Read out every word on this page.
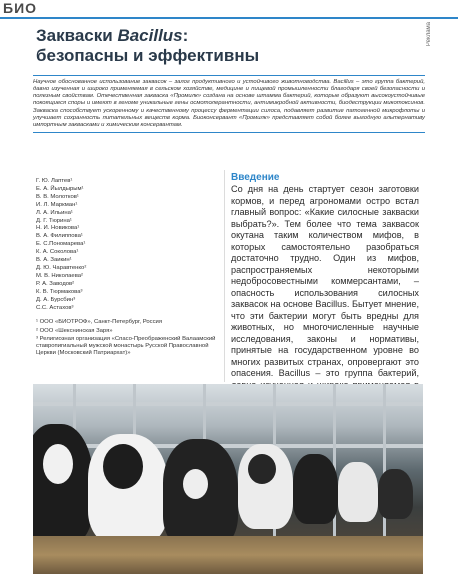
БИО
Реклама
Закваски Bacillus:
безопасны и эффективны
Научное обоснованное использование заквасок – залог продуктивного и устойчивого животноводства. Bacillus – это группа бактерий, давно изученная и широко применяемая в сельском хозяйстве, медицине и пищевой промышленности благодаря своей безопасности и полезным свойствам. Отечественная закваска «Промилк» создана на основе штамма бактерий, которые образуют высокоустойчивые покоящиеся споры и имеют в геноме уникальные гены осмотолерантности, антимикробной активности, биодеструкции микотоксинов. Закваска способствует ускоренному и качественному процессу ферментации силоса, подавляет развитие патогенной микрофлоты и улучшает сохранность питательных веществ корма. Биоконсервант «Промилк» представляет собой более выгодную альтернативу импортным заквасками и химическим консервантам.
Г. Ю. Лаптев¹
Е. А. Йылдырым¹
В. В. Молотков¹
И. Л. Маркман¹
Л. А. Ильина¹
Д. Г. Тюрина¹
Н. И. Новикова¹
В. А. Филиппова¹
Е. С.Пономарева¹
К. А. Соколова¹
В. А. Заикин¹
Д. Ю. Чаравтенко²
М. В. Николаева²
Р. А. Заводов²
К. В. Тюрмакова³
Д. А. Бурсбин³
С.С. Астахов³
¹ ООО «БИОТРОФ», Санкт-Петербург, Россия
² ООО «Шекснинская Заря»
³ Религиозная организация «Спасо-Преображенский Валаамский ставропигиальный мужской монастырь Русской Православной Церкви (Московский Патриархат)»
Введение
Со дня на день стартует сезон заготовки кормов, и перед агрономами остро встал главный вопрос: «Какие силосные закваски выбрать?». Тем более что тема заквасок окутана таким количеством мифов, в которых самостоятельно разобраться достаточно трудно. Один из мифов, распространяемых некоторыми недобросовестными коммерсантами, – опасность использования силосных заквасок на основе Bacillus. Бытует мнение, что эти бактерии могут быть вредны для животных, но многочисленные научные исследования, законы и нормативы, принятые на государственном уровне во многих развитых странах, опровергают это опасения. Bacillus – это группа бактерий,
